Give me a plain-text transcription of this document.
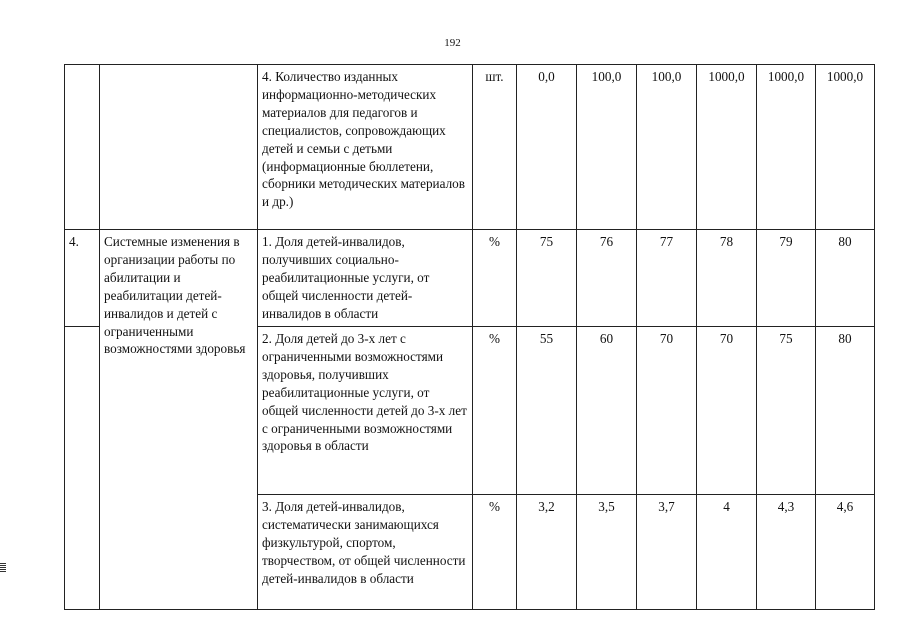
192
		4. Количество изданных информационно-методических материалов для педагогов и специалистов, сопровождающих детей и семьи с детьми (информационные бюллетени, сборники методических материалов и др.)	шт.	0,0	100,0	100,0	1000,0	1000,0	1000,0
4.	Системные изменения в организации работы по абилитации и реабилитации детей-инвалидов и детей с ограниченными возможностями здоровья	1. Доля детей-инвалидов, получивших социально-реабилитационные услуги, от общей численности детей-инвалидов в области	%	75	76	77	78	79	80
		2. Доля детей до 3-х лет с ограниченными возможностями здоровья, получивших реабилитационные услуги, от общей численности детей до 3-х лет с ограниченными возможностями здоровья в области	%	55	60	70	70	75	80
		3. Доля детей-инвалидов, систематически занимающихся физкультурой, спортом, творчеством, от общей численности детей-инвалидов в области	%	3,2	3,5	3,7	4	4,3	4,6
